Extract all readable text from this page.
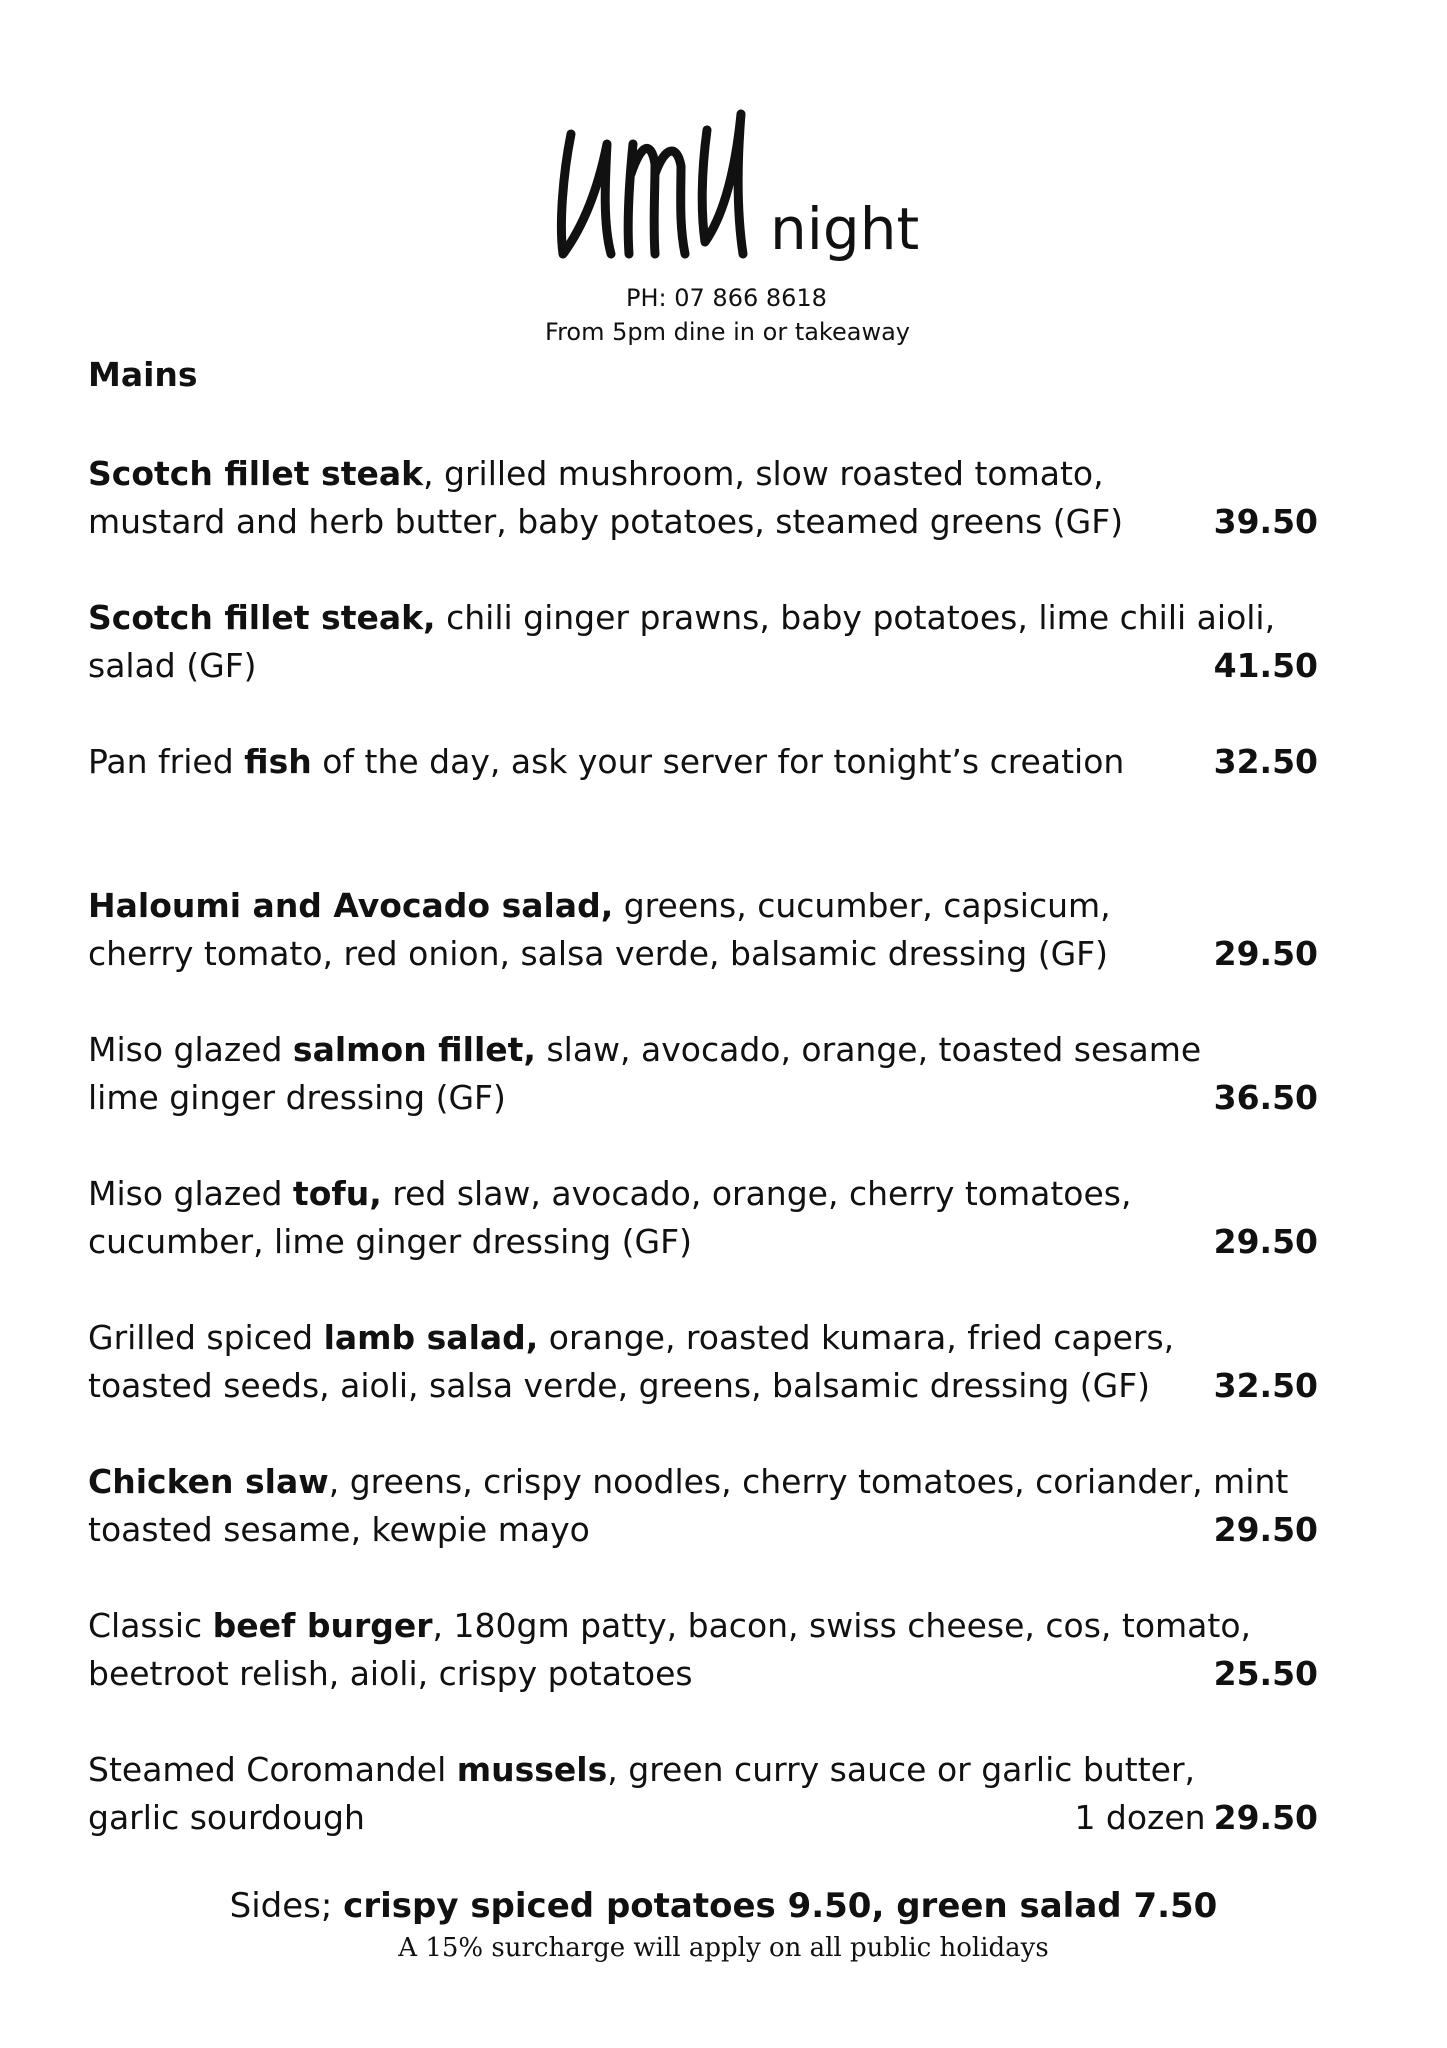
night
PH: 07 866 8618
From 5pm dine in or takeaway
Mains
Scotch fillet steak, grilled mushroom, slow roasted tomato,
mustard and herb butter, baby potatoes, steamed greens (GF)	39.50
Scotch fillet steak, chili ginger prawns, baby potatoes, lime chili aioli,
salad (GF)	41.50
Pan fried fish of the day, ask your server for tonight’s creation	32.50
Haloumi and Avocado salad, greens, cucumber, capsicum,
cherry tomato, red onion, salsa verde, balsamic dressing (GF)	29.50
Miso glazed salmon fillet, slaw, avocado, orange, toasted sesame
lime ginger dressing (GF)	36.50
Miso glazed tofu, red slaw, avocado, orange, cherry tomatoes,
cucumber, lime ginger dressing (GF)	29.50
Grilled spiced lamb salad, orange, roasted kumara, fried capers,
toasted seeds, aioli, salsa verde, greens, balsamic dressing (GF)	32.50
Chicken slaw, greens, crispy noodles, cherry tomatoes, coriander, mint
toasted sesame, kewpie mayo	29.50
Classic beef burger, 180gm patty, bacon, swiss cheese, cos, tomato,
beetroot relish, aioli, crispy potatoes	25.50
Steamed Coromandel mussels, green curry sauce or garlic butter,
garlic sourdough	1 dozen 29.50
Sides; crispy spiced potatoes 9.50, green salad 7.50
A 15% surcharge will apply on all public holidays
